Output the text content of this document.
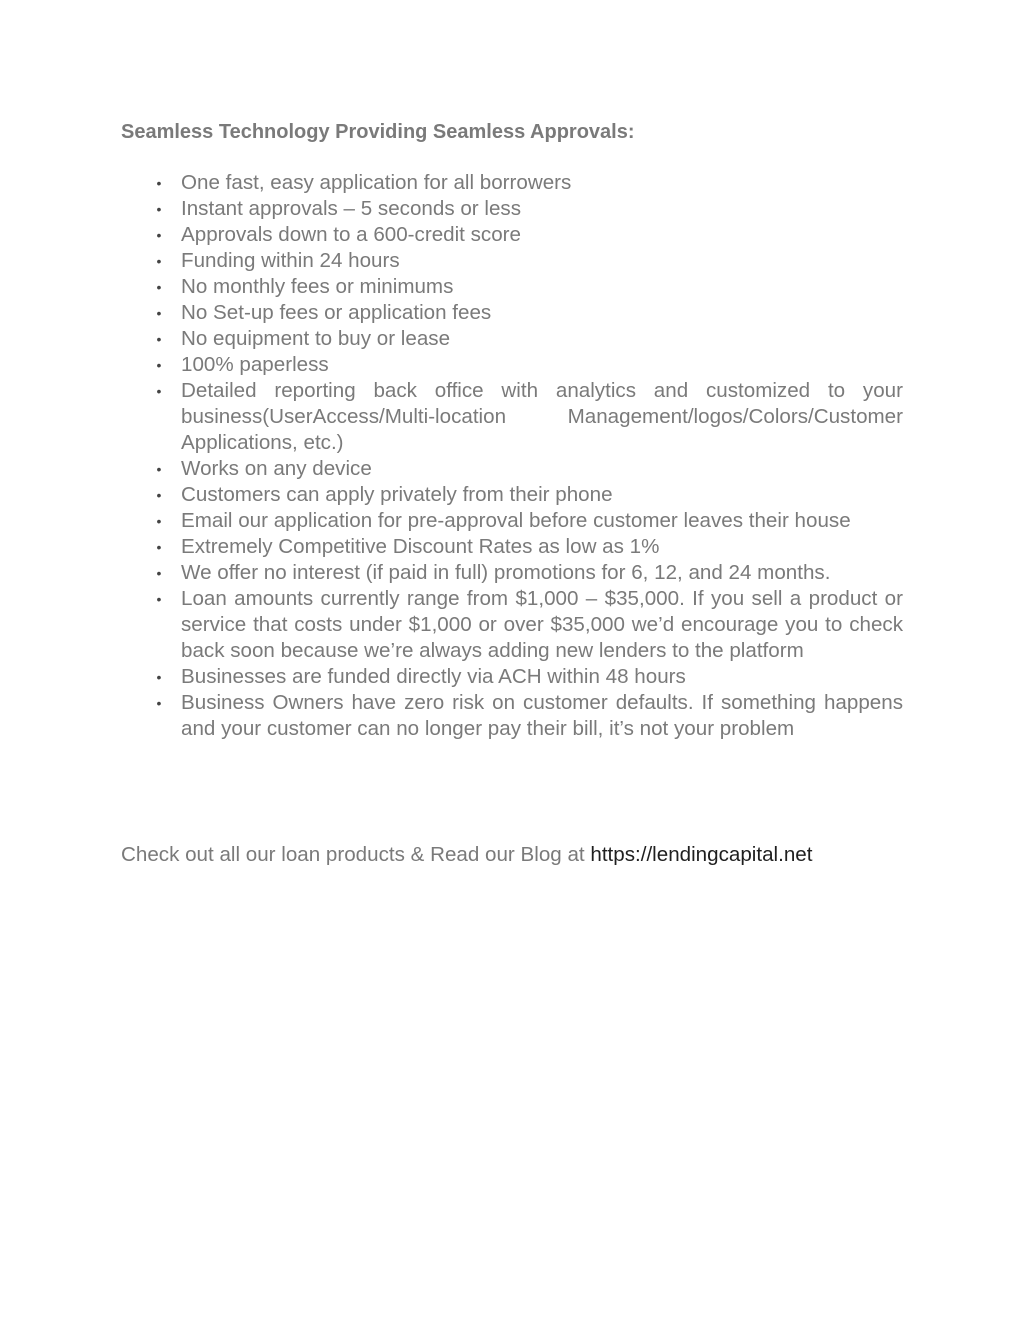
Seamless Technology Providing Seamless Approvals:
• One fast, easy application for all borrowers
• Instant approvals – 5 seconds or less
• Approvals down to a 600-credit score
• Funding within 24 hours
• No monthly fees or minimums
• No Set-up fees or application fees
• No equipment to buy or lease
• 100% paperless
• Detailed reporting back office with analytics and customized to your business(UserAccess/Multi-location Management/logos/Colors/Customer Applications, etc.)
• Works on any device
• Customers can apply privately from their phone
• Email our application for pre-approval before customer leaves their house
• Extremely Competitive Discount Rates as low as 1%
• We offer no interest (if paid in full) promotions for 6, 12, and 24 months.
• Loan amounts currently range from $1,000 – $35,000. If you sell a product or service that costs under $1,000 or over $35,000 we’d encourage you to check back soon because we’re always adding new lenders to the platform
• Businesses are funded directly via ACH within 48 hours
• Business Owners have zero risk on customer defaults. If something happens and your customer can no longer pay their bill, it’s not your problem

Check out all our loan products & Read our Blog at https://lendingcapital.net
